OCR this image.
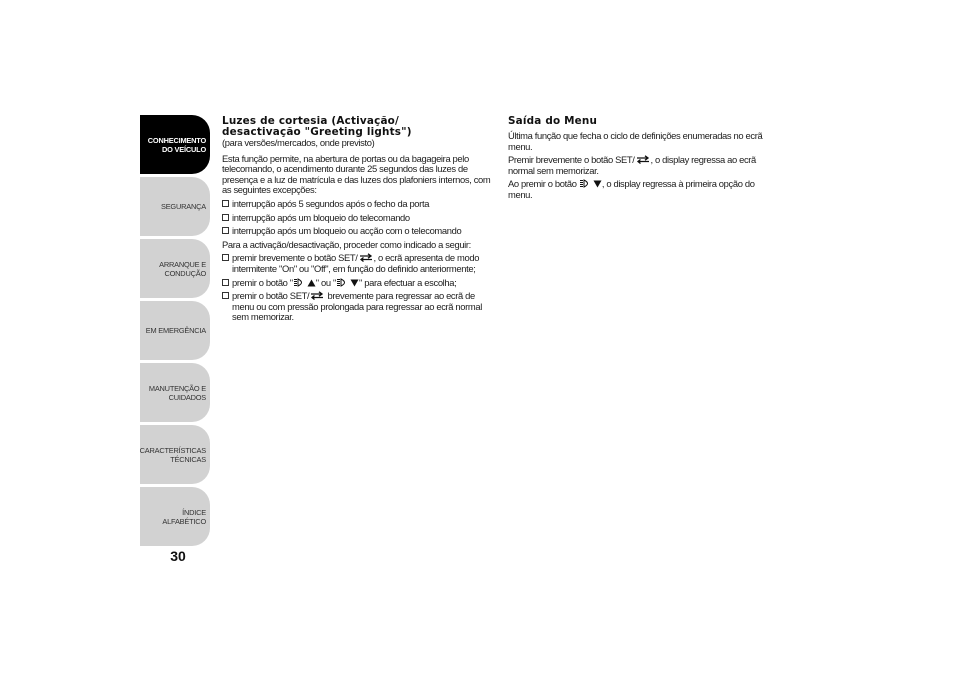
CONHECIMENTO
DO VEÍCULO
SEGURANÇA
ARRANQUE E
CONDUÇÃO
EM EMERGÊNCIA
MANUTENÇÃO E
CUIDADOS
CARACTERÍSTICAS
TÉCNICAS
ÍNDICE ALFABÉTICO
30
Luzes de cortesia (Activação/
desactivação "Greeting lights")

(para versões/mercados, onde previsto)

Esta função permite, na abertura de portas ou da bagageira pelo telecomando, o acendimento durante 25 segundos das luzes de presença e a luz de matrícula e das luzes dos plafoniers internos, com as seguintes excepções:

interrupção após 5 segundos após o fecho da porta
interrupção após um bloqueio do telecomando
interrupção após um bloqueio ou acção com o telecomando

Para a activação/desactivação, proceder como indicado a seguir:

premir brevemente o botão SET/ , o ecrã apresenta de modo intermitente "On" ou "Off", em função do definido anteriormente;
premir o botão " " ou " " para efectuar a escolha;
premir o botão SET/ brevemente para regressar ao ecrã de menu ou com pressão prolongada para regressar ao ecrã normal sem memorizar.
Saída do Menu

Última função que fecha o ciclo de definições enumeradas no ecrã menu.

Premir brevemente o botão SET/ , o display regressa ao ecrã normal sem memorizar.

Ao premir o botão , o display regressa à primeira opção do menu.
